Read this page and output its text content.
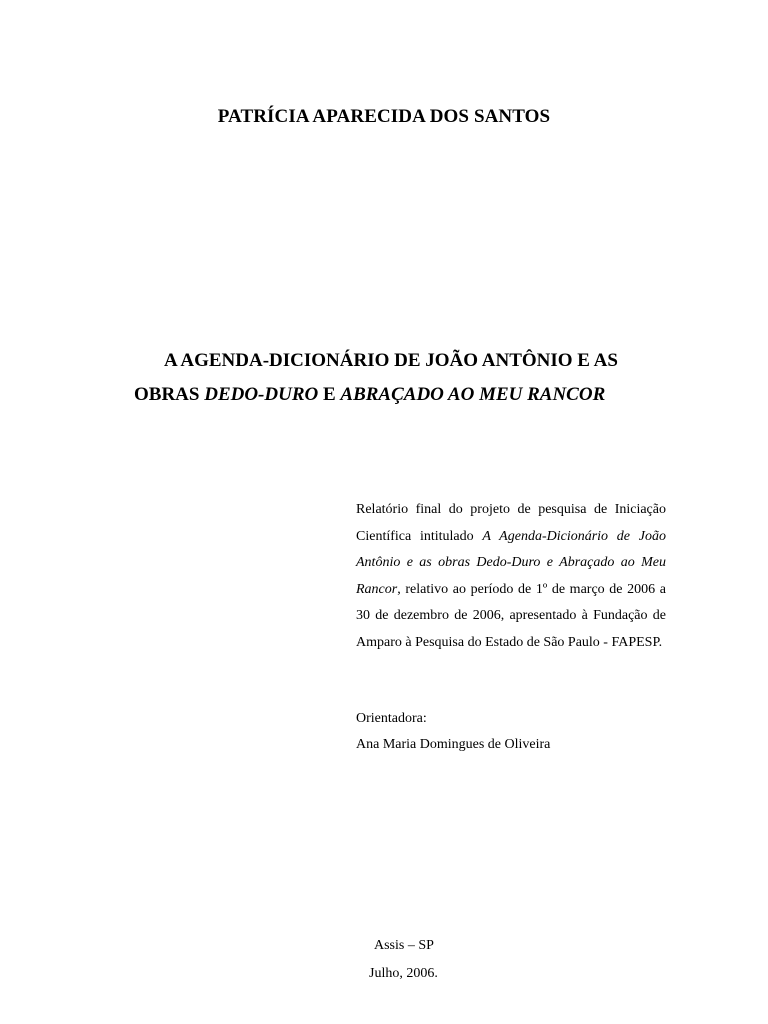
PATRÍCIA APARECIDA DOS SANTOS
A AGENDA-DICIONÁRIO DE JOÃO ANTÔNIO E AS
OBRAS DEDO-DURO E ABRAÇADO AO MEU RANCOR
Relatório final do projeto de pesquisa de Iniciação Científica intitulado A Agenda-Dicionário de João Antônio e as obras Dedo-Duro e Abraçado ao Meu Rancor, relativo ao período de 1º de março de 2006 a 30 de dezembro de 2006, apresentado à Fundação de Amparo à Pesquisa do Estado de São Paulo - FAPESP.
Orientadora:
Ana Maria Domingues de Oliveira
Assis – SP
Julho, 2006.
